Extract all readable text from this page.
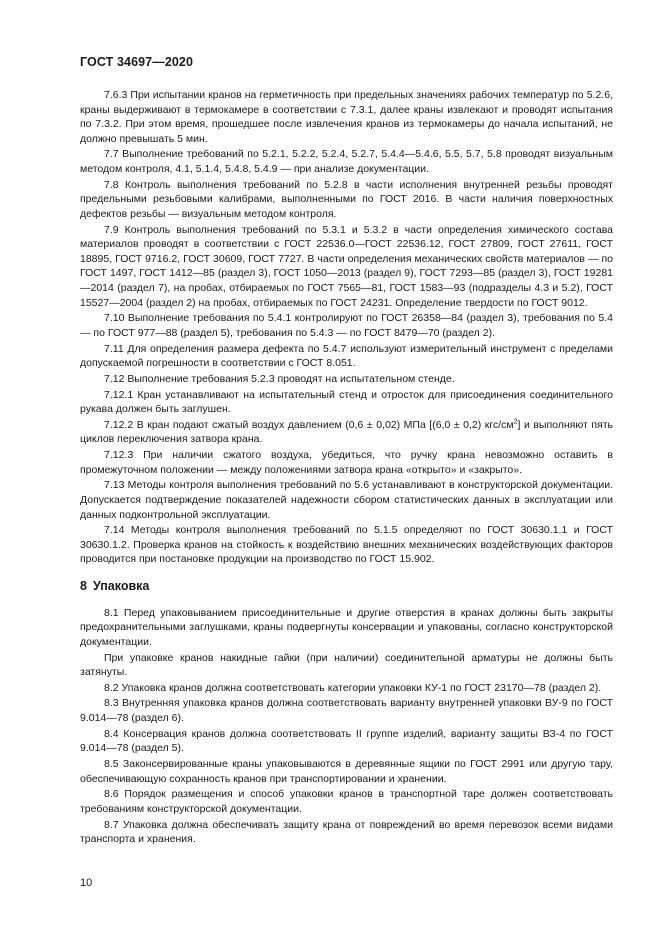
ГОСТ 34697—2020

7.6.3 При испытании кранов на герметичность при предельных значениях рабочих температур по 5.2.6, краны выдерживают в термокамере в соответствии с 7.3.1, далее краны извлекают и проводят испытания по 7.3.2. При этом время, прошедшее после извлечения кранов из термокамеры до начала испытаний, не должно превышать 5 мин.

7.7 Выполнение требований по 5.2.1, 5.2.2, 5.2.4, 5.2.7, 5.4.4—5.4.6, 5.5, 5.7, 5.8 проводят визуальным методом контроля, 4.1, 5.1.4, 5.4.8, 5.4.9 — при анализе документации.

7.8 Контроль выполнения требований по 5.2.8 в части исполнения внутренней резьбы проводят предельными резьбовыми калибрами, выполненными по ГОСТ 2016. В части наличия поверхностных дефектов резьбы — визуальным методом контроля.

7.9 Контроль выполнения требований по 5.3.1 и 5.3.2 в части определения химического состава материалов проводят в соответствии с ГОСТ 22536.0—ГОСТ 22536.12, ГОСТ 27809, ГОСТ 27611, ГОСТ 18895, ГОСТ 9716.2, ГОСТ 30609, ГОСТ 7727. В части определения механических свойств материалов — по ГОСТ 1497, ГОСТ 1412—85 (раздел 3), ГОСТ 1050—2013 (раздел 9), ГОСТ 7293—85 (раздел 3), ГОСТ 19281—2014 (раздел 7), на пробах, отбираемых по ГОСТ 7565—81, ГОСТ 1583—93 (подразделы 4.3 и 5.2), ГОСТ 15527—2004 (раздел 2) на пробах, отбираемых по ГОСТ 24231. Определение твердости по ГОСТ 9012.

7.10 Выполнение требования по 5.4.1 контролируют по ГОСТ 26358—84 (раздел 3), требования по 5.4 — по ГОСТ 977—88 (раздел 5), требования по 5.4.3 — по ГОСТ 8479—70 (раздел 2).

7.11 Для определения размера дефекта по 5.4.7 используют измерительный инструмент с пределами допускаемой погрешности в соответствии с ГОСТ 8.051.

7.12 Выполнение требования 5.2.3 проводят на испытательном стенде.

7.12.1 Кран устанавливают на испытательный стенд и отросток для присоединения соединительного рукава должен быть заглушен.

7.12.2 В кран подают сжатый воздух давлением (0,6 ± 0,02) МПа [(6,0 ± 0,2) кгс/$см^2$] и выполняют пять циклов переключения затвора крана.

7.12.3 При наличии сжатого воздуха, убедиться, что ручку крана невозможно оставить в промежуточном положении — между положениями затвора крана «открыто» и «закрыто».

7.13 Методы контроля выполнения требований по 5.6 устанавливают в конструкторской документации. Допускается подтверждение показателей надежности сбором статистических данных в эксплуатации или данных подконтрольной эксплуатации.

7.14 Методы контроля выполнения требований по 5.1.5 определяют по ГОСТ 30630.1.1 и ГОСТ 30630.1.2. Проверка кранов на стойкость к воздействию внешних механических воздействующих факторов проводится при постановке продукции на производство по ГОСТ 15.902.

8 Упаковка

8.1 Перед упаковыванием присоединительные и другие отверстия в кранах должны быть закрыты предохранительными заглушками, краны подвергнуты консервации и упакованы, согласно конструкторской документации.

При упаковке кранов накидные гайки (при наличии) соединительной арматуры не должны быть затянуты.

8.2 Упаковка кранов должна соответствовать категории упаковки КУ-1 по ГОСТ 23170—78 (раздел 2).

8.3 Внутренняя упаковка кранов должна соответствовать варианту внутренней упаковки ВУ-9 по ГОСТ 9.014—78 (раздел 6).

8.4 Консервация кранов должна соответствовать II группе изделий, варианту защиты ВЗ-4 по ГОСТ 9.014—78 (раздел 5).

8.5 Законсервированные краны упаковываются в деревянные ящики по ГОСТ 2991 или другую тару, обеспечивающую сохранность кранов при транспортировании и хранении.

8.6 Порядок размещения и способ упаковки кранов в транспортной таре должен соответствовать требованиям конструкторской документации.

8.7 Упаковка должна обеспечивать защиту крана от повреждений во время перевозок всеми видами транспорта и хранения.

10
